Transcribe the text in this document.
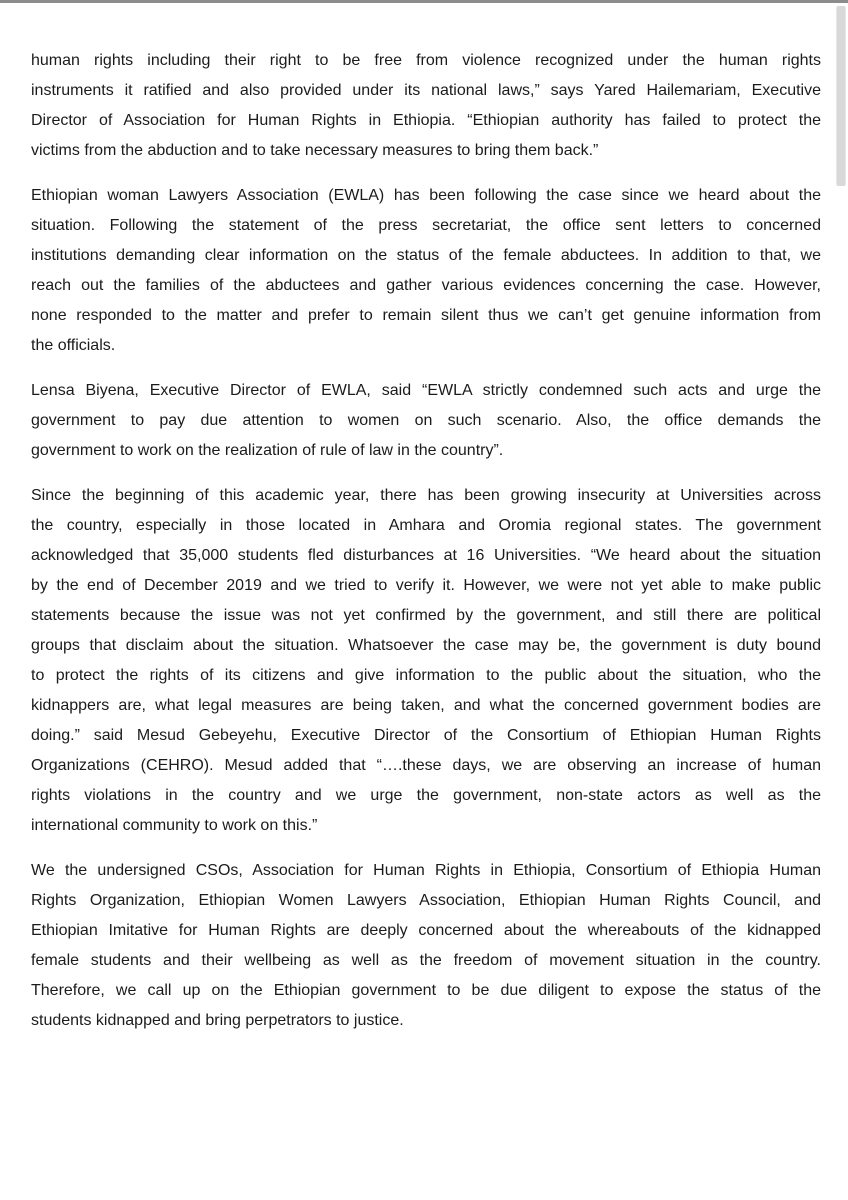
human rights including their right to be free from violence recognized under the human rights
instruments it ratified and also provided under its national laws,” says Yared Hailemariam, Executive
Director of Association for Human Rights in Ethiopia. “Ethiopian authority has failed to protect the
victims from the abduction and to take necessary measures to bring them back.”

Ethiopian woman Lawyers Association (EWLA) has been following the case since we heard about the
situation. Following the statement of the press secretariat, the office sent letters to concerned
institutions demanding clear information on the status of the female abductees. In addition to that, we
reach out the families of the abductees and gather various evidences concerning the case. However,
none responded to the matter and prefer to remain silent thus we can’t get genuine information from
the officials.

Lensa Biyena, Executive Director of EWLA, said “EWLA strictly condemned such acts and urge the
government to pay due attention to women on such scenario. Also, the office demands the
government to work on the realization of rule of law in the country”.

Since the beginning of this academic year, there has been growing insecurity at Universities across
the country, especially in those located in Amhara and Oromia regional states. The government
acknowledged that 35,000 students fled disturbances at 16 Universities. “We heard about the situation
by the end of December 2019 and we tried to verify it. However, we were not yet able to make public
statements because the issue was not yet confirmed by the government, and still there are political
groups that disclaim about the situation. Whatsoever the case may be, the government is duty bound
to protect the rights of its citizens and give information to the public about the situation, who the
kidnappers are, what legal measures are being taken, and what the concerned government bodies are
doing.” said Mesud Gebeyehu, Executive Director of the Consortium of Ethiopian Human Rights
Organizations (CEHRO). Mesud added that “….these days, we are observing an increase of human
rights violations in the country and we urge the government, non-state actors as well as the
international community to work on this.”

We the undersigned CSOs, Association for Human Rights in Ethiopia, Consortium of Ethiopia Human
Rights Organization, Ethiopian Women Lawyers Association, Ethiopian Human Rights Council, and
Ethiopian Imitative for Human Rights are deeply concerned about the whereabouts of the kidnapped
female students and their wellbeing as well as the freedom of movement situation in the country.
Therefore, we call up on the Ethiopian government to be due diligent to expose the status of the
students kidnapped and bring perpetrators to justice.
